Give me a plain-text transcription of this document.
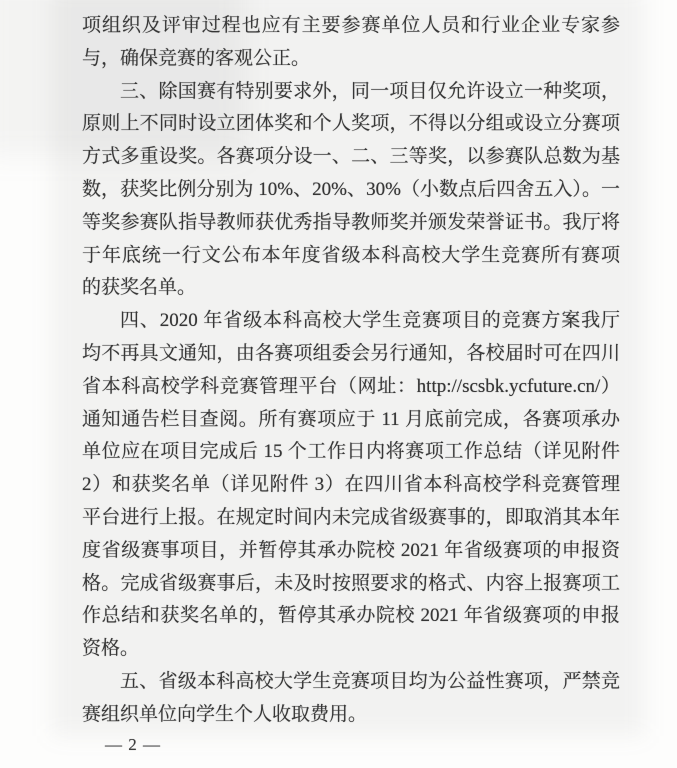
项组织及评审过程也应有主要参赛单位人员和行业企业专家参
与，确保竞赛的客观公正。
三、除国赛有特别要求外，同一项目仅允许设立一种奖项，
原则上不同时设立团体奖和个人奖项，不得以分组或设立分赛项
方式多重设奖。各赛项分设一、二、三等奖，以参赛队总数为基
数，获奖比例分别为 10%、20%、30%（小数点后四舍五入）。一
等奖参赛队指导教师获优秀指导教师奖并颁发荣誉证书。我厅将
于年底统一行文公布本年度省级本科高校大学生竞赛所有赛项
的获奖名单。
四、2020 年省级本科高校大学生竞赛项目的竞赛方案我厅
均不再具文通知，由各赛项组委会另行通知，各校届时可在四川
省本科高校学科竞赛管理平台（网址：http://scsbk.ycfuture.cn/）
通知通告栏目查阅。所有赛项应于 11 月底前完成，各赛项承办
单位应在项目完成后 15 个工作日内将赛项工作总结（详见附件
2）和获奖名单（详见附件 3）在四川省本科高校学科竞赛管理
平台进行上报。在规定时间内未完成省级赛事的，即取消其本年
度省级赛事项目，并暂停其承办院校 2021 年省级赛项的申报资
格。完成省级赛事后，未及时按照要求的格式、内容上报赛项工
作总结和获奖名单的，暂停其承办院校 2021 年省级赛项的申报
资格。
五、省级本科高校大学生竞赛项目均为公益性赛项，严禁竞
赛组织单位向学生个人收取费用。
— 2 —
